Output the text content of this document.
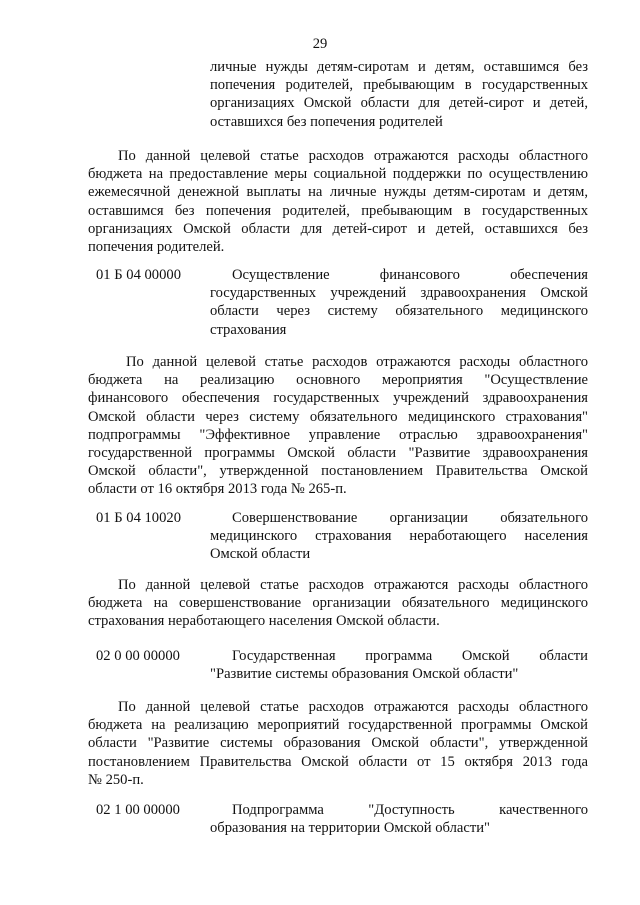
29
личные нужды детям-сиротам и детям, оставшимся без
попечения родителей, пребывающим в государственных
организациях Омской области для детей-сирот и детей,
оставшихся без попечения родителей
По данной целевой статье расходов отражаются расходы областного
бюджета на предоставление меры социальной поддержки по осуществлению
ежемесячной денежной выплаты на личные нужды детям-сиротам и детям,
оставшимся без попечения родителей, пребывающим в государственных
организациях Омской области для детей-сирот и детей, оставшихся без
попечения родителей.
01 Б 04 00000	Осуществление финансового обеспечения
государственных учреждений здравоохранения Омской
области через систему обязательного медицинского
страхования
По данной целевой статье расходов отражаются расходы областного
бюджета на реализацию основного мероприятия "Осуществление
финансового обеспечения государственных учреждений здравоохранения
Омской области через систему обязательного медицинского страхования"
подпрограммы "Эффективное управление отраслью здравоохранения"
государственной программы Омской области "Развитие здравоохранения
Омской области", утвержденной постановлением Правительства Омской
области от 16 октября 2013 года № 265-п.
01 Б 04 10020	Совершенствование организации обязательного
медицинского страхования неработающего населения
Омской области
По данной целевой статье расходов отражаются расходы областного
бюджета на совершенствование организации обязательного медицинского
страхования неработающего населения Омской области.
02 0 00 00000	Государственная программа Омской области
"Развитие системы образования Омской области"
По данной целевой статье расходов отражаются расходы областного
бюджета на реализацию мероприятий государственной программы Омской
области "Развитие системы образования Омской области", утвержденной
постановлением Правительства Омской области от 15 октября 2013 года
№ 250-п.
02 1 00 00000	Подпрограмма "Доступность качественного
образования на территории Омской области"
